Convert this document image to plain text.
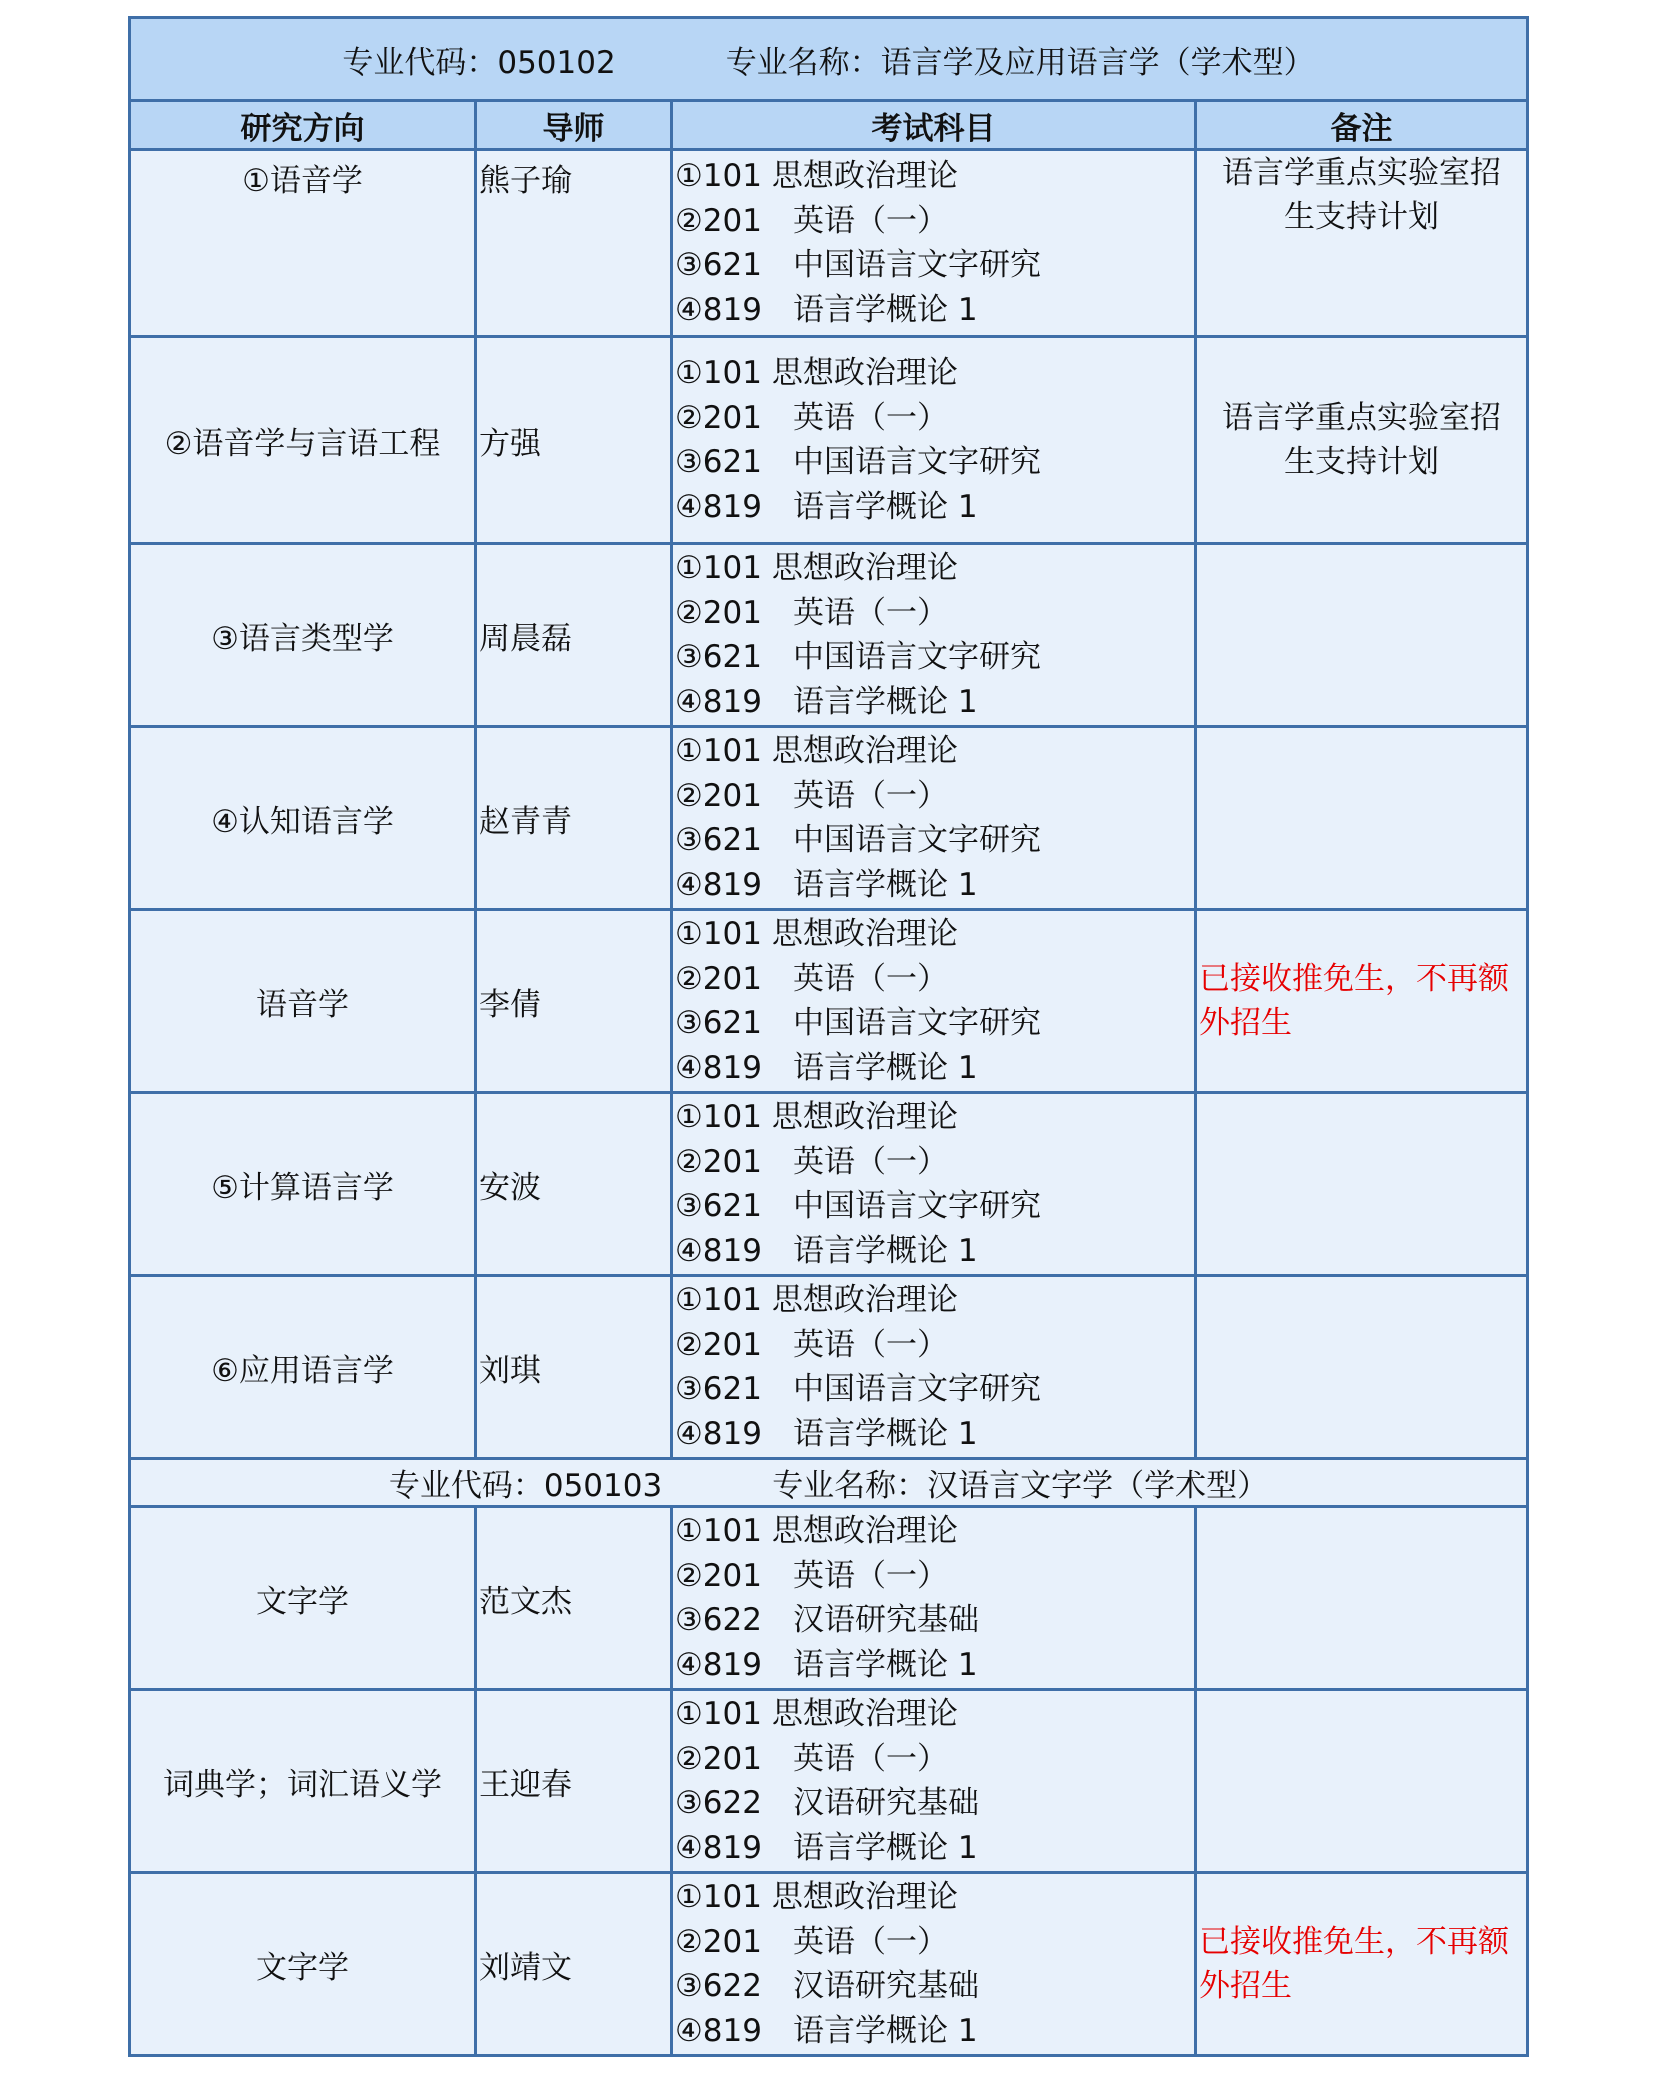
专业代码：050102 专业名称：语言学及应用语言学（学术型）			
研究方向	导师	考试科目	备注
①语音学	熊子瑜	①101 思想政治理论
②201　英语（一）
③621　中国语言文字研究
④819　语言学概论 1	语言学重点实验室招生支持计划

②语音学与言语工程	方强	①101 思想政治理论
②201　英语（一）
③621　中国语言文字研究
④819　语言学概论 1	语言学重点实验室招生支持计划

③语言类型学	周晨磊	①101 思想政治理论
②201　英语（一）
③621　中国语言文字研究
④819　语言学概论 1	

④认知语言学	赵青青	①101 思想政治理论
②201　英语（一）
③621　中国语言文字研究
④819　语言学概论 1	

语音学	李倩	①101 思想政治理论
②201　英语（一）
③621　中国语言文字研究
④819　语言学概论 1	已接收推免生，不再额外招生

⑤计算语言学	安波	①101 思想政治理论
②201　英语（一）
③621　中国语言文字研究
④819　语言学概论 1	

⑥应用语言学	刘琪	①101 思想政治理论
②201　英语（一）
③621　中国语言文字研究
④819　语言学概论 1	

专业代码：050103 专业名称：汉语言文字学（学术型）			
文字学	范文杰	①101 思想政治理论
②201　英语（一）
③622　汉语研究基础
④819　语言学概论 1	

词典学；词汇语义学	王迎春	①101 思想政治理论
②201　英语（一）
③622　汉语研究基础
④819　语言学概论 1	

文字学	刘靖文	①101 思想政治理论
②201　英语（一）
③622　汉语研究基础
④819　语言学概论 1	已接收推免生，不再额外招生
